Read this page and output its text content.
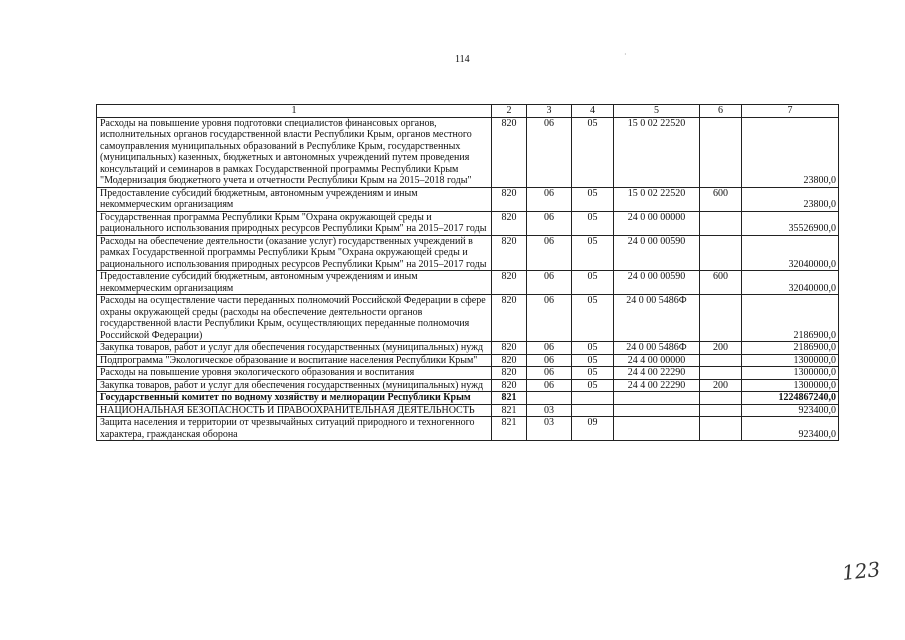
114	·
1	2	3	4	5	6	7
Расходы на повышение уровня подготовки специалистов финансовых органов, исполнительных органов государственной власти Республики Крым, органов местного самоуправления муниципальных образований в Республике Крым, государственных (муниципальных) казенных, бюджетных и автономных учреждений путем проведения консультаций и семинаров в рамках Государственной программы Республики Крым "Модернизация бюджетного учета и отчетности Республики Крым на 2015–2018 годы"	820	06	05	15 0 02 22520		23800,0
Предоставление субсидий бюджетным, автономным учреждениям и иным некоммерческим организациям	820	06	05	15 0 02 22520	600	23800,0
Государственная программа Республики Крым "Охрана окружающей среды и рационального использования природных ресурсов Республики Крым" на 2015–2017 годы	820	06	05	24 0 00 00000		35526900,0
Расходы на обеспечение деятельности (оказание услуг) государственных учреждений в рамках Государственной программы Республики Крым "Охрана окружающей среды и рационального использования природных ресурсов Республики Крым" на 2015–2017 годы	820	06	05	24 0 00 00590		32040000,0
Предоставление субсидий бюджетным, автономным учреждениям и иным некоммерческим организациям	820	06	05	24 0 00 00590	600	32040000,0
Расходы на осуществление части переданных полномочий Российской Федерации в сфере охраны окружающей среды (расходы на обеспечение деятельности органов государственной власти Республики Крым, осуществляющих переданные полномочия Российской Федерации)	820	06	05	24 0 00 5486Ф		2186900,0
Закупка товаров, работ и услуг для обеспечения государственных (муниципальных) нужд	820	06	05	24 0 00 5486Ф	200	2186900,0
Подпрограмма "Экологическое образование и воспитание населения Республики Крым"	820	06	05	24 4 00 00000		1300000,0
Расходы на повышение уровня экологического образования и воспитания	820	06	05	24 4 00 22290		1300000,0
Закупка товаров, работ и услуг для обеспечения государственных (муниципальных) нужд	820	06	05	24 4 00 22290	200	1300000,0
Государственный комитет по водному хозяйству и мелиорации Республики Крым	821					1224867240,0
НАЦИОНАЛЬНАЯ БЕЗОПАСНОСТЬ И ПРАВООХРАНИТЕЛЬНАЯ ДЕЯТЕЛЬНОСТЬ	821	03				923400,0
Защита населения и территории от чрезвычайных ситуаций природного и техногенного характера, гражданская оборона	821	03	09			923400,0
123
